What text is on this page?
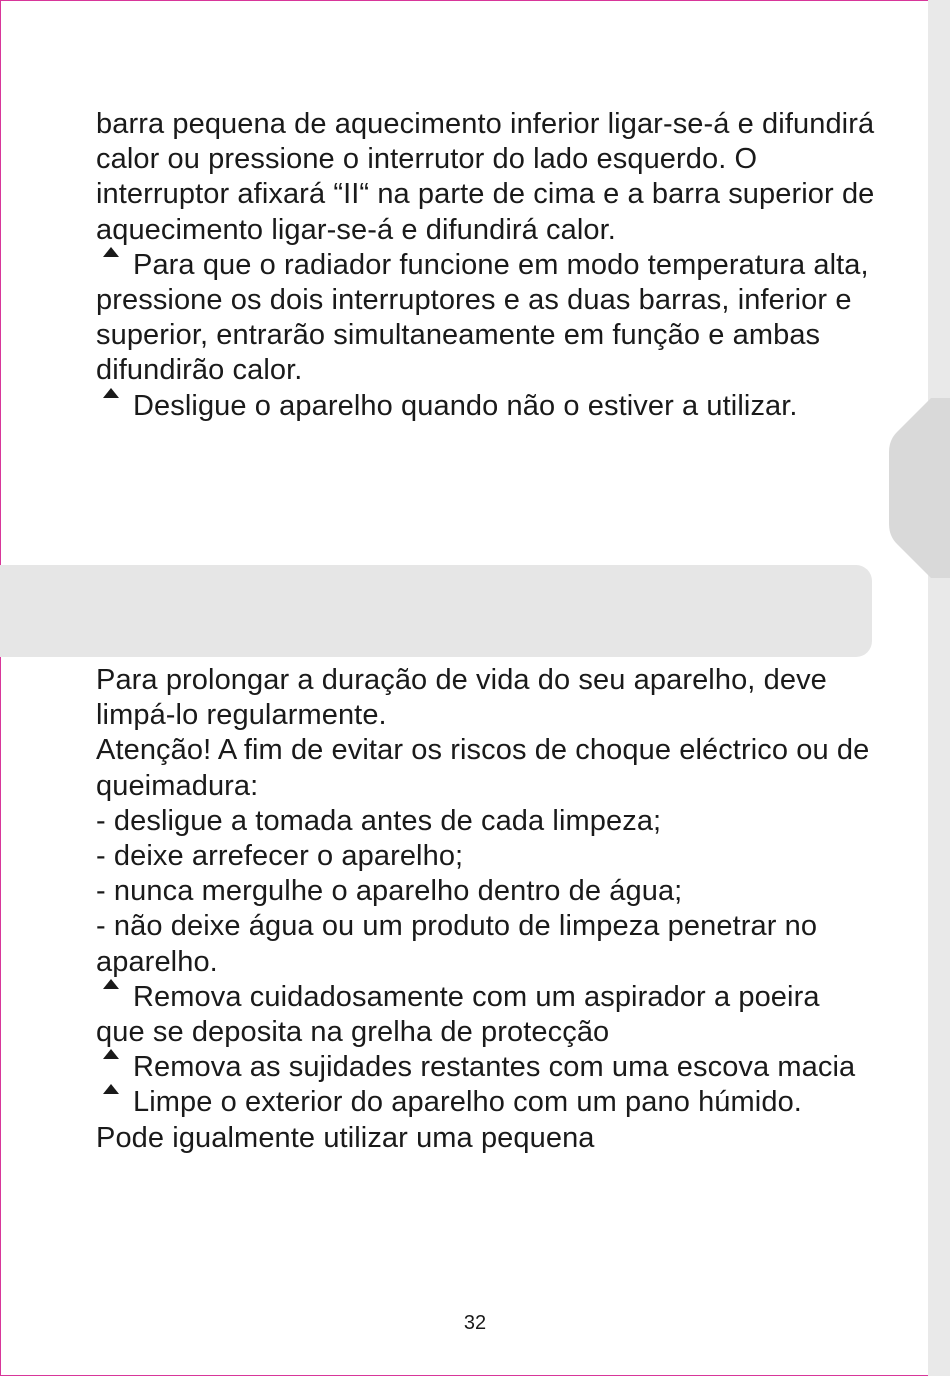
barra pequena de aquecimento inferior ligar-se-á e difundirá calor ou pressione o interrutor do lado esquerdo. O interruptor afixará “II“ na parte de cima e a barra superior de aquecimento ligar-se-á e difundirá calor.

Para que o radiador funcione em modo temperatura alta, pressione os dois interruptores e as duas barras, inferior e superior, entrarão simultaneamente em função e ambas difundirão calor.

Desligue o aparelho quando não o estiver a utilizar.

Para prolongar a duração de vida do seu aparelho, deve limpá-lo regularmente.

Atenção! A fim de evitar os riscos de choque eléctrico ou de queimadura:

- desligue a tomada antes de cada limpeza;

- deixe arrefecer o aparelho;

- nunca mergulhe o aparelho dentro de água;

- não deixe água ou um produto de limpeza penetrar no aparelho.

Remova cuidadosamente com um aspirador a poeira que se deposita na grelha de protecção

Remova as sujidades restantes com uma escova macia

Limpe o exterior do aparelho com um pano húmido. Pode igualmente utilizar uma pequena

32
